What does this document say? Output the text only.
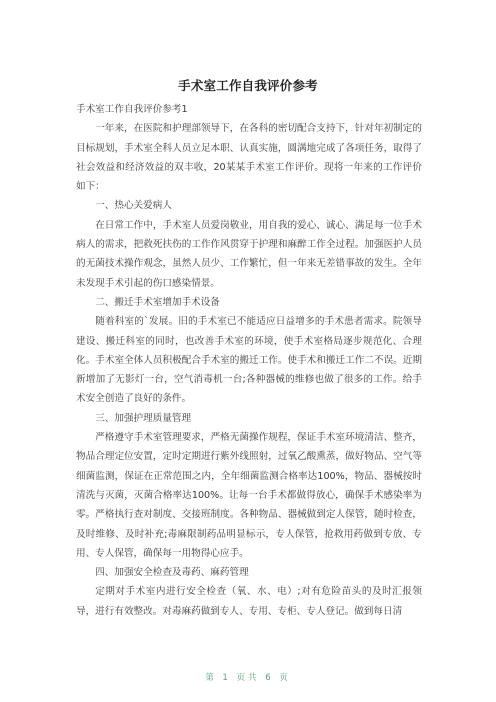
手术室工作自我评价参考

手术室工作自我评价参考1

一年来，在医院和护理部领导下，在各科的密切配合支持下，针对年初制定的目标规划，手术室全科人员立足本职、认真实施，圆满地完成了各项任务，取得了社会效益和经济效益的双丰收，20某某手术室工作评价。现将一年来的工作评价如下：

一、热心关爱病人

在日常工作中，手术室人员爱岗敬业，用自我的爱心、诚心、满足每一位手术病人的需求，把救死扶伤的工作作风贯穿于护理和麻醉工作全过程。加强医护人员的无菌技术操作观念，虽然人员少、工作繁忙，但一年来无差错事故的发生。全年未发现手术引起的伤口感染情景。

二、搬迁手术室增加手术设备

随着科室的`发展。旧的手术室已不能适应日益增多的手术患者需求。院领导建设、搬迁科室的同时，也改善手术室的环境，使手术室格局逐步规范化、合理化。手术室全体人员积极配合手术室的搬迁工作。使手术和搬迁工作二不误。近期新增加了无影灯一台，空气消毒机一台;各种器械的维修也做了很多的工作。给手术安全创造了良好的条件。

三、加强护理质量管理

严格遵守手术室管理要求，严格无菌操作规程，保证手术室环境清洁、整齐，物品合理定位安置，定时定期进行紫外线照射，过氧乙酸熏蒸，做好物品、空气等细菌监测，保证在正常范围之内，全年细菌监测合格率达100%，物品、器械按时清洗与灭菌，灭菌合格率达100%。让每一台手术都做得放心，确保手术感染率为零。严格执行查对制度、交接班制度。各种物品、器械做到定人保管，随时检查，及时维修、及时补充;毒麻限制药品明显标示，专人保管，抢救用药做到专放、专用、专人保管，确保每一用物得心应手。

四、加强安全检查及毒药、麻药管理

定期对手术室内进行安全检查（氧、水、电）;对有危险苗头的及时汇报领导，进行有效整改。对毒麻药做到专人、专用、专柜、专人登记。做到每日清

第 1 页共 6 页
